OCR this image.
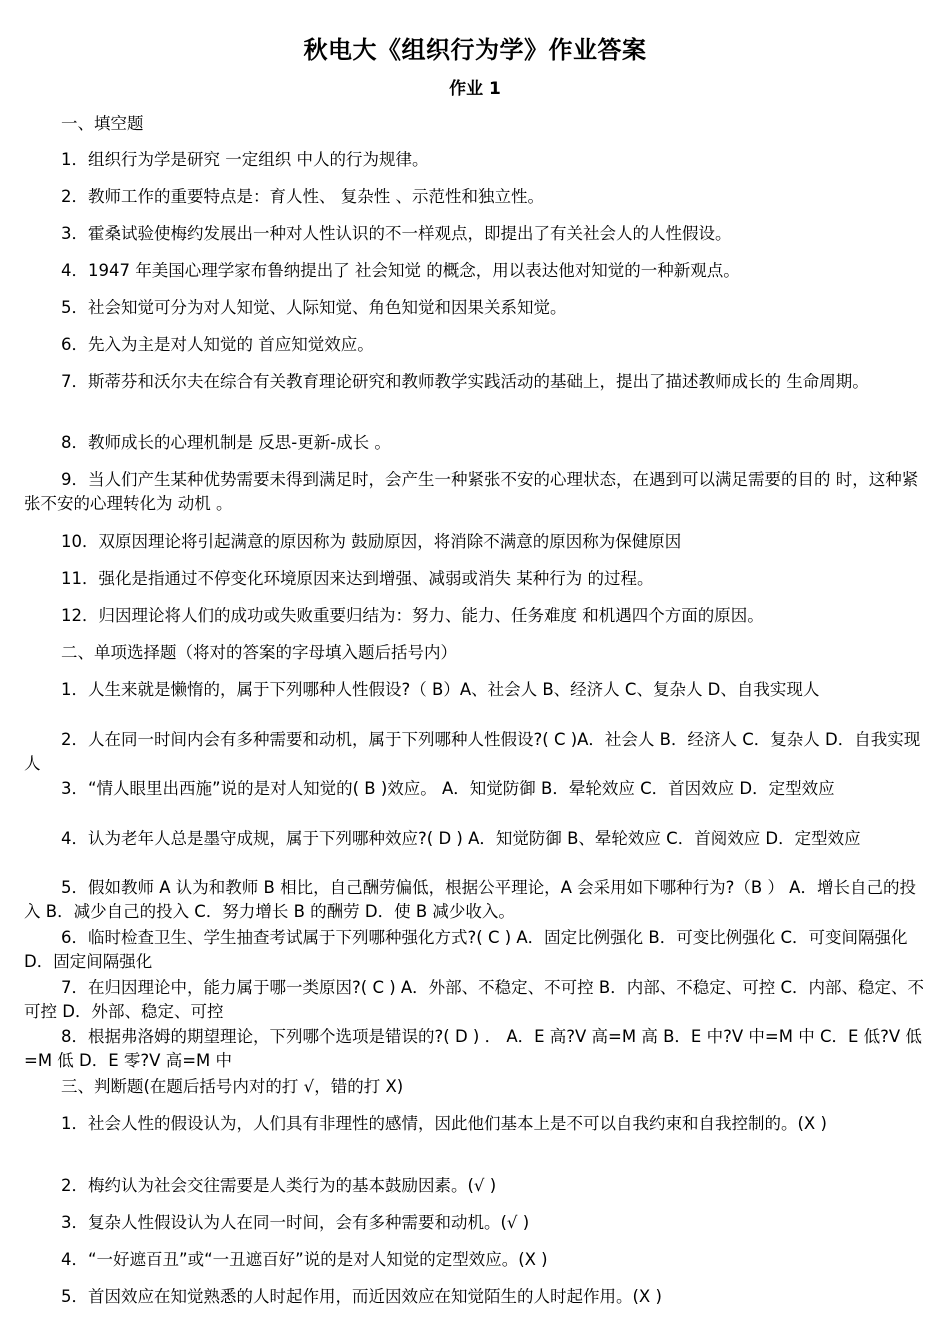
秋电大《组织行为学》作业答案
作业 1
一、填空题
1．组织行为学是研究 一定组织 中人的行为规律。
2．教师工作的重要特点是：育人性、 复杂性 、示范性和独立性。
3．霍桑试验使梅约发展出一种对人性认识的不一样观点，即提出了有关社会人的人性假设。
4．1947 年美国心理学家布鲁纳提出了 社会知觉 的概念，用以表达他对知觉的一种新观点。
5．社会知觉可分为对人知觉、人际知觉、角色知觉和因果关系知觉。
6．先入为主是对人知觉的 首应知觉效应。
7．斯蒂芬和沃尔夫在综合有关教育理论研究和教师教学实践活动的基础上，提出了描述教师成长的 生命周期。
8．教师成长的心理机制是 反思-更新-成长 。
9．当人们产生某种优势需要未得到满足时，会产生一种紧张不安的心理状态，在遇到可以满足需要的目的 时，这种紧张不安的心理转化为 动机 。
10．双原因理论将引起满意的原因称为 鼓励原因，将消除不满意的原因称为保健原因
11．强化是指通过不停变化环境原因来达到增强、减弱或消失 某种行为 的过程。
12．归因理论将人们的成功或失败重要归结为：努力、能力、任务难度 和机遇四个方面的原因。
二、单项选择题（将对的答案的字母填入题后括号内）
1．人生来就是懒惰的，属于下列哪种人性假设?（ B）A、社会人 B、经济人 C、复杂人 D、自我实现人
2．人在同一时间内会有多种需要和动机，属于下列哪种人性假设?( C )A．社会人 B．经济人 C．复杂人 D．自我实现人
3．“情人眼里出西施”说的是对人知觉的( B )效应。 A．知觉防御 B．晕轮效应 C．首因效应 D．定型效应
4．认为老年人总是墨守成规，属于下列哪种效应?( D ) A．知觉防御 B、晕轮效应 C．首阅效应 D．定型效应
5．假如教师 A 认为和教师 B 相比，自己酬劳偏低，根据公平理论，A 会采用如下哪种行为?（B ） A．增长自己的投入 B．减少自己的投入 C．努力增长 B 的酬劳 D．使 B 减少收入。
6．临时检查卫生、学生抽查考试属于下列哪种强化方式?( C ) A．固定比例强化 B．可变比例强化 C．可变间隔强化 D．固定间隔强化
7．在归因理论中，能力属于哪一类原因?( C ) A．外部、不稳定、不可控 B．内部、不稳定、可控 C．内部、稳定、不可控 D．外部、稳定、可控
8．根据弗洛姆的期望理论，下列哪个选项是错误的?( D ) ． A．E 高?V 高=M 高 B．E 中?V 中=M 中 C．E 低?V 低=M 低 D．E 零?V 高=M 中
三、判断题(在题后括号内对的打 √，错的打 X)
1．社会人性的假设认为，人们具有非理性的感情，因此他们基本上是不可以自我约束和自我控制的。(X )
2．梅约认为社会交往需要是人类行为的基本鼓励因素。(√ )
3．复杂人性假设认为人在同一时间，会有多种需要和动机。(√ )
4．“一好遮百丑”或“一丑遮百好”说的是对人知觉的定型效应。(X )
5．首因效应在知觉熟悉的人时起作用，而近因效应在知觉陌生的人时起作用。(X )
